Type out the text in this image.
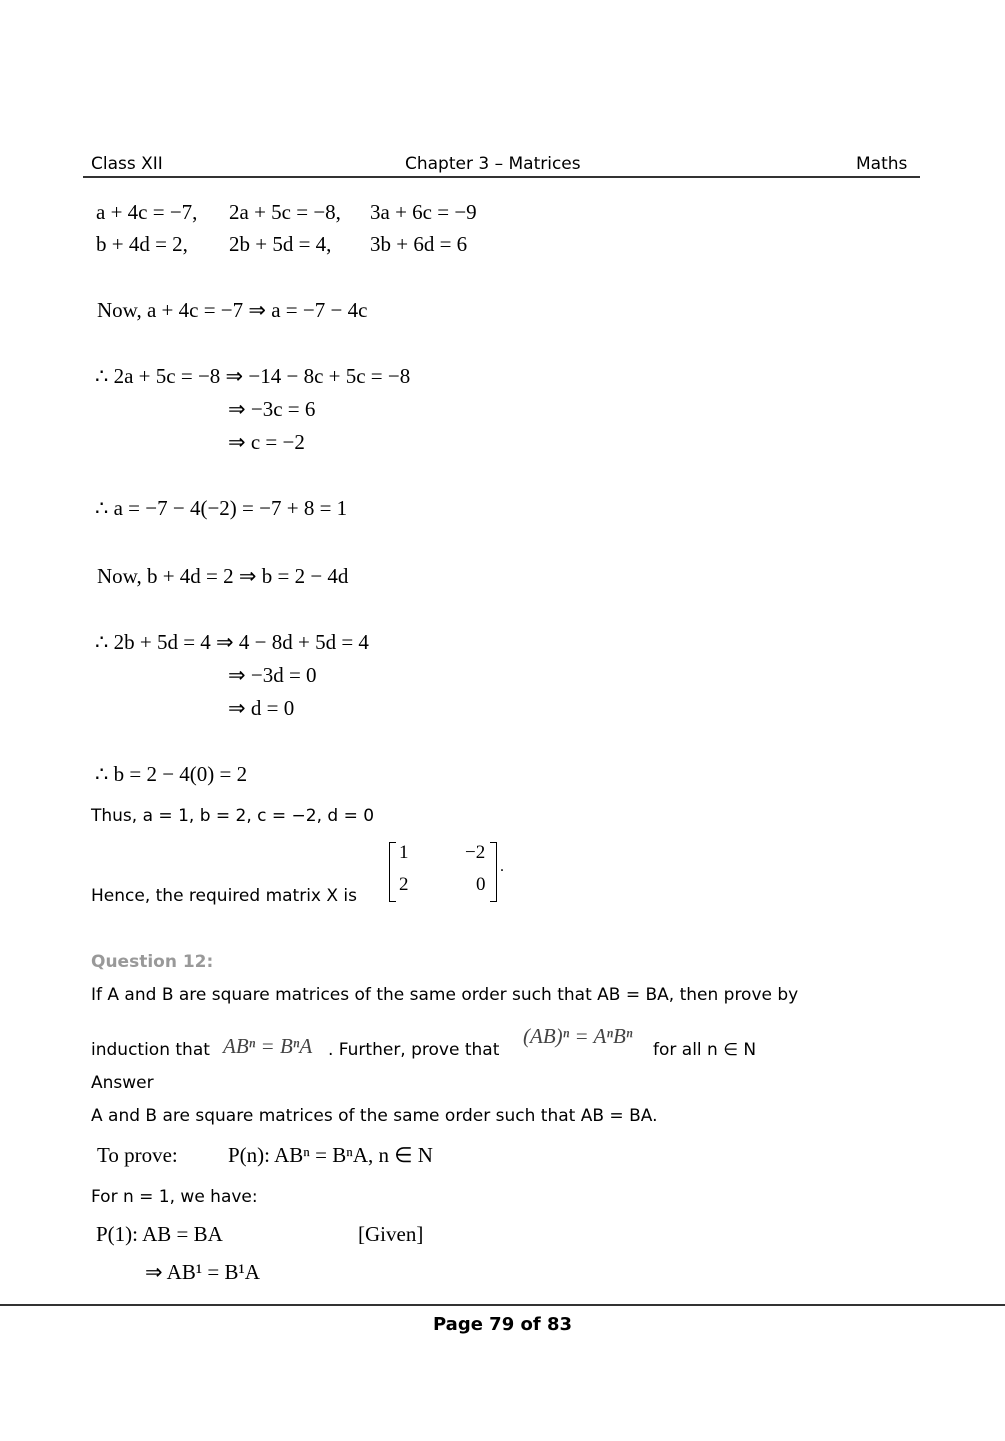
Class XII	Chapter 3 – Matrices	Maths
a + 4c = −7, 2a + 5c = −8, 3a + 6c = −9
b + 4d = 2, 2b + 5d = 4, 3b + 6d = 6
Now, a + 4c = −7 ⇒ a = −7 − 4c
∴ 2a + 5c = −8 ⇒ −14 − 8c + 5c = −8
⇒ −3c = 6
⇒ c = −2
∴ a = −7 − 4(−2) = −7 + 8 = 1
Now, b + 4d = 2 ⇒ b = 2 − 4d
∴ 2b + 5d = 4 ⇒ 4 − 8d + 5d = 4
⇒ −3d = 0
⇒ d = 0
∴ b = 2 − 4(0) = 2
Thus, a = 1, b = 2, c = −2, d = 0
Hence, the required matrix X is
1	−2
2	0
.
Question 12:
If A and B are square matrices of the same order such that AB = BA, then prove by
induction that ABⁿ = BⁿA . Further, prove that
(AB)ⁿ = AⁿBⁿ
for all n ∈ N
Answer
A and B are square matrices of the same order such that AB = BA.
To prove: P(n): ABⁿ = BⁿA, n ∈ N
For n = 1, we have:
P(1): AB = BA	[Given]
⇒ AB¹ = B¹A
Page 79 of 83
